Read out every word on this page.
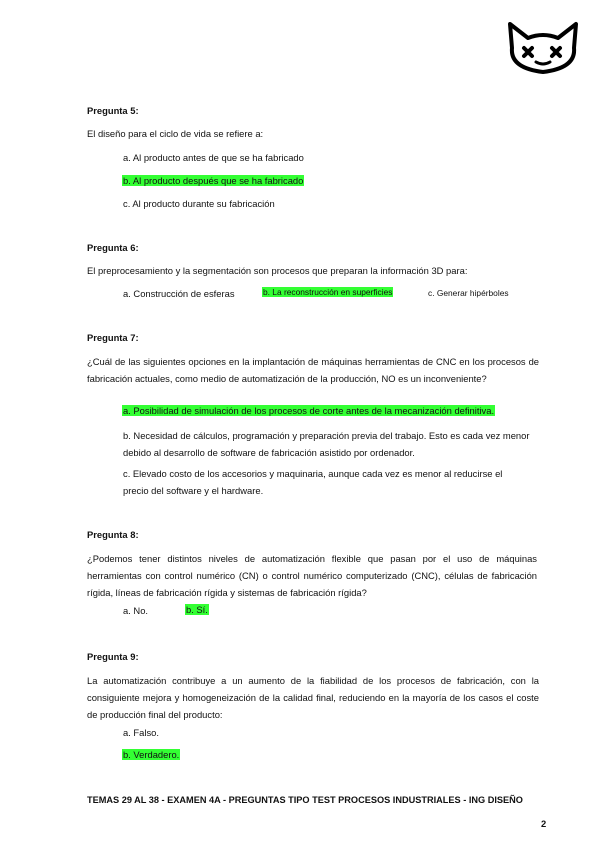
Pregunta 5:
El diseño para el ciclo de vida se refiere a:
a. Al producto antes de que se ha fabricado
b. Al producto después que se ha fabricado
c. Al producto durante su fabricación
Pregunta 6:
El preprocesamiento y la segmentación son procesos que preparan la información 3D para:
a. Construcción de esferas	b. La reconstrucción en superficies	c. Generar hipérboles
Pregunta 7:
¿Cuál de las siguientes opciones en la implantación de máquinas herramientas de CNC en los procesos de fabricación actuales, como medio de automatización de la producción, NO es un inconveniente?
a. Posibilidad de simulación de los procesos de corte antes de la mecanización definitiva.
b. Necesidad de cálculos, programación y preparación previa del trabajo. Esto es cada vez menor debido al desarrollo de software de fabricación asistido por ordenador.
c. Elevado costo de los accesorios y maquinaria, aunque cada vez es menor al reducirse el precio del software y el hardware.
Pregunta 8:
¿Podemos tener distintos niveles de automatización flexible que pasan por el uso de máquinas herramientas con control numérico (CN) o control numérico computerizado (CNC), células de fabricación rígida, líneas de fabricación rígida y sistemas de fabricación rígida?
a. No.	b. Sí.
Pregunta 9:
La automatización contribuye a un aumento de la fiabilidad de los procesos de fabricación, con la consiguiente mejora y homogeneización de la calidad final, reduciendo en la mayoría de los casos el coste de producción final del producto:
a. Falso.
b. Verdadero.
TEMAS 29 AL 38 - EXAMEN 4A - PREGUNTAS TIPO TEST PROCESOS INDUSTRIALES - ING DISEÑO
2
